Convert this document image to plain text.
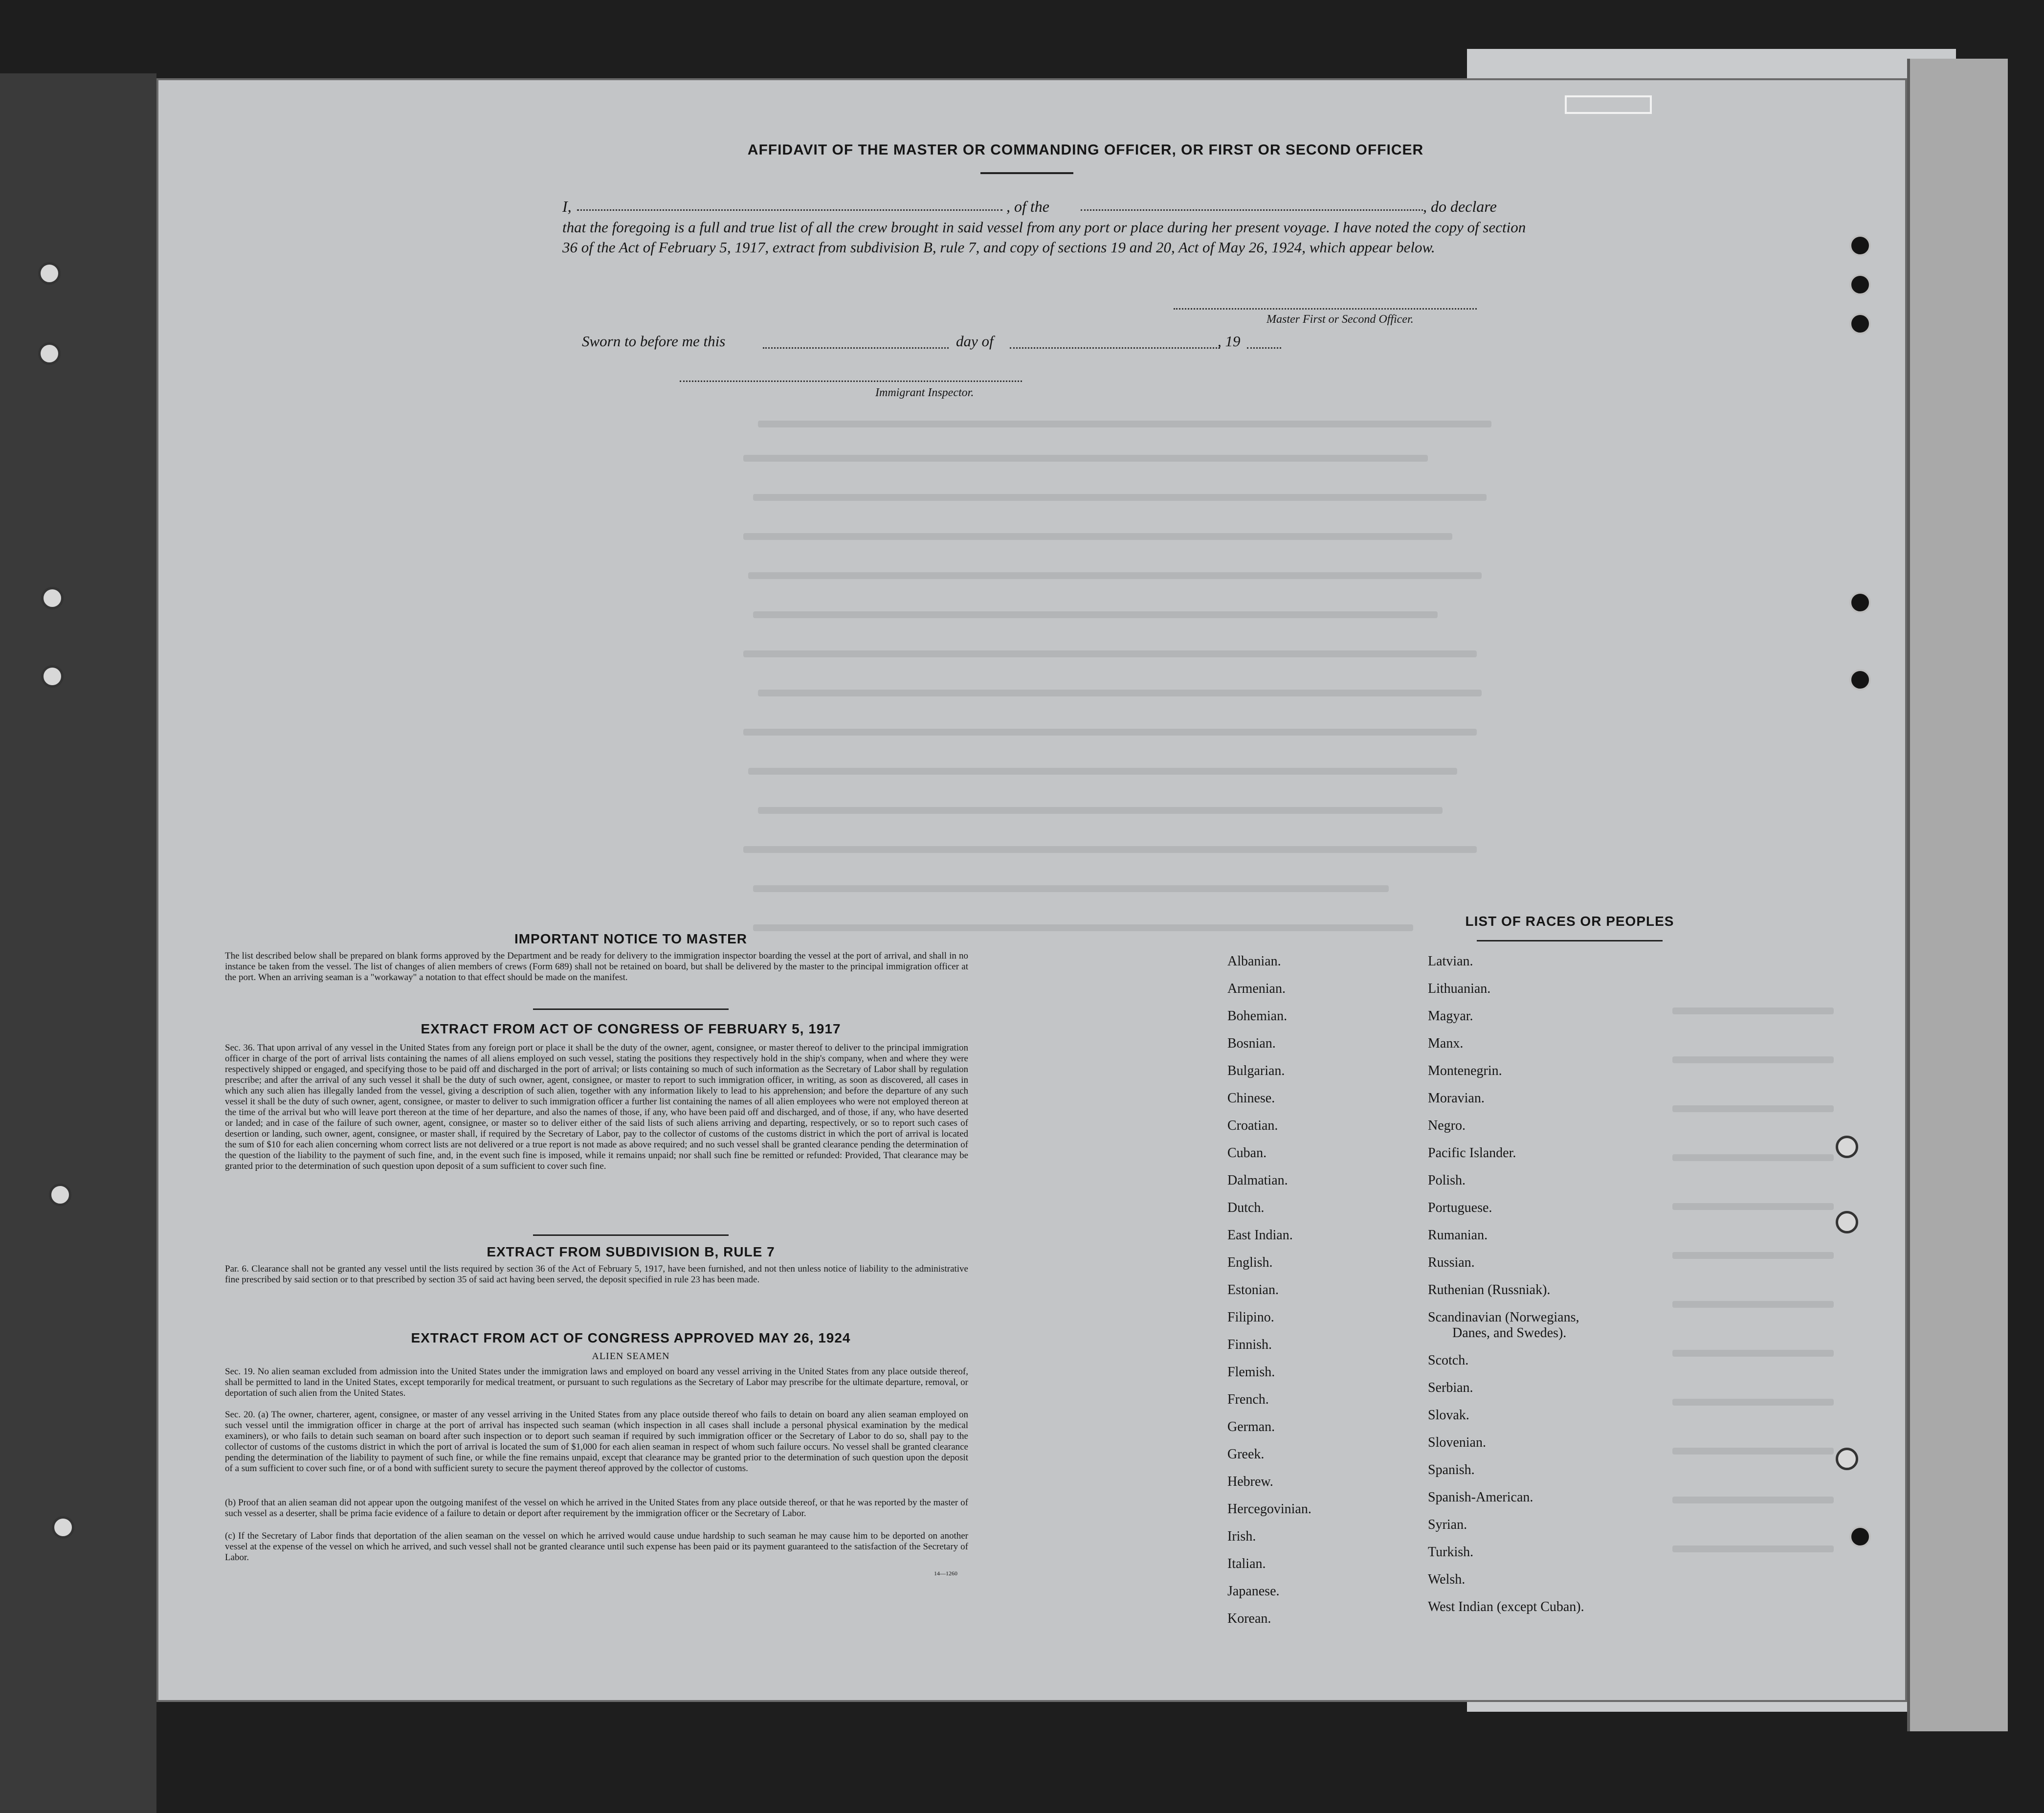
AFFIDAVIT OF THE MASTER OR COMMANDING OFFICER, OR FIRST OR SECOND OFFICER
I,	, of the	, do declare
that the foregoing is a full and true list of all the crew brought in said vessel from any port or place during her present voyage. I have noted the copy of section 36 of the Act of February 5, 1917, extract from subdivision B, rule 7, and copy of sections 19 and 20, Act of May 26, 1924, which appear below.
Master First or Second Officer.
Sworn to before me this	day of	, 19
Immigrant Inspector.
IMPORTANT NOTICE TO MASTER
The list described below shall be prepared on blank forms approved by the Department and be ready for delivery to the immigration inspector boarding the vessel at the port of arrival, and shall in no instance be taken from the vessel. The list of changes of alien members of crews (Form 689) shall not be retained on board, but shall be delivered by the master to the principal immigration officer at the port. When an arriving seaman is a "workaway" a notation to that effect should be made on the manifest.
EXTRACT FROM ACT OF CONGRESS OF FEBRUARY 5, 1917
Sec. 36. That upon arrival of any vessel in the United States from any foreign port or place it shall be the duty of the owner, agent, consignee, or master thereof to deliver to the principal immigration officer in charge of the port of arrival lists containing the names of all aliens employed on such vessel, stating the positions they respectively hold in the ship's company, when and where they were respectively shipped or engaged, and specifying those to be paid off and discharged in the port of arrival; or lists containing so much of such information as the Secretary of Labor shall by regulation prescribe; and after the arrival of any such vessel it shall be the duty of such owner, agent, consignee, or master to report to such immigration officer, in writing, as soon as discovered, all cases in which any such alien has illegally landed from the vessel, giving a description of such alien, together with any information likely to lead to his apprehension; and before the departure of any such vessel it shall be the duty of such owner, agent, consignee, or master to deliver to such immigration officer a further list containing the names of all alien employees who were not employed thereon at the time of the arrival but who will leave port thereon at the time of her departure, and also the names of those, if any, who have been paid off and discharged, and of those, if any, who have deserted or landed; and in case of the failure of such owner, agent, consignee, or master so to deliver either of the said lists of such aliens arriving and departing, respectively, or so to report such cases of desertion or landing, such owner, agent, consignee, or master shall, if required by the Secretary of Labor, pay to the collector of customs of the customs district in which the port of arrival is located the sum of $10 for each alien concerning whom correct lists are not delivered or a true report is not made as above required; and no such vessel shall be granted clearance pending the determination of the question of the liability to the payment of such fine, and, in the event such fine is imposed, while it remains unpaid; nor shall such fine be remitted or refunded: Provided, That clearance may be granted prior to the determination of such question upon deposit of a sum sufficient to cover such fine.
EXTRACT FROM SUBDIVISION B, RULE 7
Par. 6. Clearance shall not be granted any vessel until the lists required by section 36 of the Act of February 5, 1917, have been furnished, and not then unless notice of liability to the administrative fine prescribed by said section or to that prescribed by section 35 of said act having been served, the deposit specified in rule 23 has been made.
EXTRACT FROM ACT OF CONGRESS APPROVED MAY 26, 1924
ALIEN SEAMEN
Sec. 19. No alien seaman excluded from admission into the United States under the immigration laws and employed on board any vessel arriving in the United States from any place outside thereof, shall be permitted to land in the United States, except temporarily for medical treatment, or pursuant to such regulations as the Secretary of Labor may prescribe for the ultimate departure, removal, or deportation of such alien from the United States.
Sec. 20. (a) The owner, charterer, agent, consignee, or master of any vessel arriving in the United States from any place outside thereof who fails to detain on board any alien seaman employed on such vessel until the immigration officer in charge at the port of arrival has inspected such seaman (which inspection in all cases shall include a personal physical examination by the medical examiners), or who fails to detain such seaman on board after such inspection or to deport such seaman if required by such immigration officer or the Secretary of Labor to do so, shall pay to the collector of customs of the customs district in which the port of arrival is located the sum of $1,000 for each alien seaman in respect of whom such failure occurs. No vessel shall be granted clearance pending the determination of the liability to payment of such fine, or while the fine remains unpaid, except that clearance may be granted prior to the determination of such question upon the deposit of a sum sufficient to cover such fine, or of a bond with sufficient surety to secure the payment thereof approved by the collector of customs.
(b) Proof that an alien seaman did not appear upon the outgoing manifest of the vessel on which he arrived in the United States from any place outside thereof, or that he was reported by the master of such vessel as a deserter, shall be prima facie evidence of a failure to detain or deport after requirement by the immigration officer or the Secretary of Labor.
(c) If the Secretary of Labor finds that deportation of the alien seaman on the vessel on which he arrived would cause undue hardship to such seaman he may cause him to be deported on another vessel at the expense of the vessel on which he arrived, and such vessel shall not be granted clearance until such expense has been paid or its payment guaranteed to the satisfaction of the Secretary of Labor.
14—1260
LIST OF RACES OR PEOPLES
Albanian.
Armenian.
Bohemian.
Bosnian.
Bulgarian.
Chinese.
Croatian.
Cuban.
Dalmatian.
Dutch.
East Indian.
English.
Estonian.
Filipino.
Finnish.
Flemish.
French.
German.
Greek.
Hebrew.
Hercegovinian.
Irish.
Italian.
Japanese.
Korean.
Latvian.
Lithuanian.
Magyar.
Manx.
Montenegrin.
Moravian.
Negro.
Pacific Islander.
Polish.
Portuguese.
Rumanian.
Russian.
Ruthenian (Russniak).
Scandinavian (Norwegians,
Danes, and Swedes).
Scotch.
Serbian.
Slovak.
Slovenian.
Spanish.
Spanish-American.
Syrian.
Turkish.
Welsh.
West Indian (except Cuban).
